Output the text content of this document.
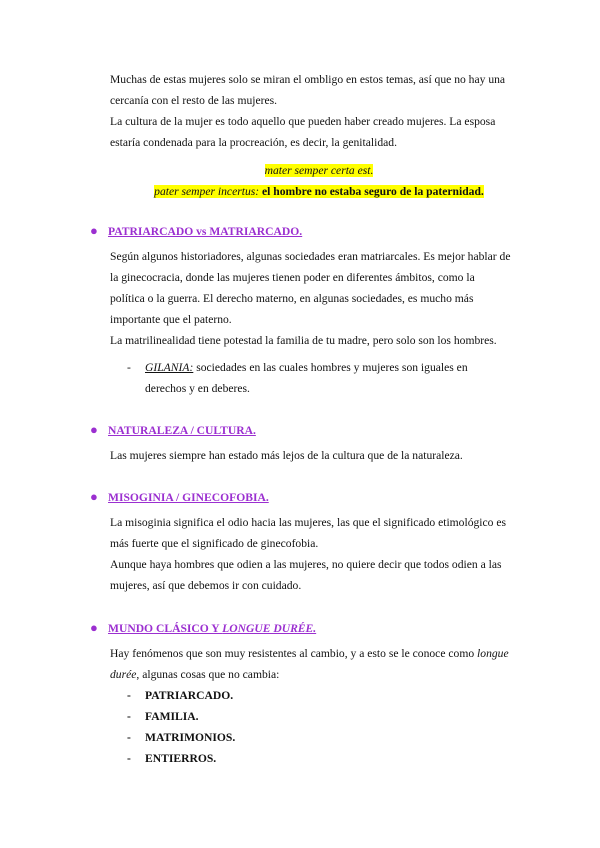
Muchas de estas mujeres solo se miran el ombligo en estos temas, así que no hay una
cercanía con el resto de las mujeres.
La cultura de la mujer es todo aquello que pueden haber creado mujeres. La esposa
estaría condenada para la procreación, es decir, la genitalidad.
mater semper certa est.
pater semper incertus: el hombre no estaba seguro de la paternidad.
● PATRIARCADO vs MATRIARCADO.
Según algunos historiadores, algunas sociedades eran matriarcales. Es mejor hablar de
la ginecocracia, donde las mujeres tienen poder en diferentes ámbitos, como la
política o la guerra. El derecho materno, en algunas sociedades, es mucho más
importante que el paterno.
La matrilinealidad tiene potestad la familia de tu madre, pero solo son los hombres.
- GILANIA: sociedades en las cuales hombres y mujeres son iguales en
derechos y en deberes.
● NATURALEZA / CULTURA.
Las mujeres siempre han estado más lejos de la cultura que de la naturaleza.
● MISOGINIA / GINECOFOBIA.
La misoginia significa el odio hacia las mujeres, las que el significado etimológico es
más fuerte que el significado de ginecofobia.
Aunque haya hombres que odien a las mujeres, no quiere decir que todos odien a las
mujeres, así que debemos ir con cuidado.
● MUNDO CLÁSICO Y LONGUE DURÉE.
Hay fenómenos que son muy resistentes al cambio, y a esto se le conoce como longue
durée, algunas cosas que no cambia:
- PATRIARCADO.
- FAMILIA.
- MATRIMONIOS.
- ENTIERROS.
